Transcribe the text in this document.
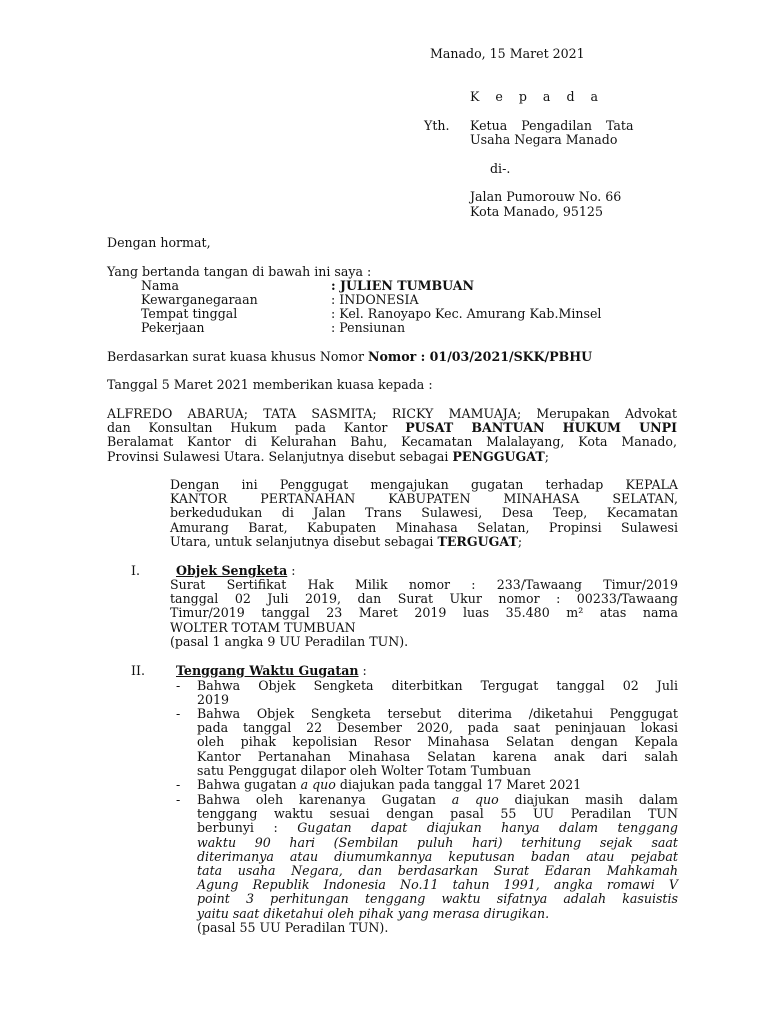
Manado, 15 Maret 2021
K e p a d a
Yth. Ketua Pengadilan Tata
Usaha Negara Manado
di-.
Jalan Pumorouw No. 66
Kota Manado, 95125
Dengan hormat,
Yang bertanda tangan di bawah ini saya :
Nama	: JULIEN TUMBUAN
Kewarganegaraan	: INDONESIA
Tempat tinggal	: Kel. Ranoyapo Kec. Amurang Kab.Minsel
Pekerjaan	: Pensiunan
Berdasarkan surat kuasa khusus Nomor Nomor : 01/03/2021/SKK/PBHU
Tanggal 5 Maret 2021 memberikan kuasa kepada :
ALFREDO ABARUA; TATA SASMITA; RICKY MAMUAJA; Merupakan Advokat
dan Konsultan Hukum pada Kantor PUSAT BANTUAN HUKUM UNPI
Beralamat Kantor di Kelurahan Bahu, Kecamatan Malalayang, Kota Manado,
Provinsi Sulawesi Utara. Selanjutnya disebut sebagai PENGGUGAT;
Dengan ini Penggugat mengajukan gugatan terhadap KEPALA
KANTOR PERTANAHAN KABUPATEN MINAHASA SELATAN,
berkedudukan di Jalan Trans Sulawesi, Desa Teep, Kecamatan
Amurang Barat, Kabupaten Minahasa Selatan, Propinsi Sulawesi
Utara, untuk selanjutnya disebut sebagai TERGUGAT;
I.	Objek Sengketa :
Surat Sertifikat Hak Milik nomor : 233/Tawaang Timur/2019
tanggal 02 Juli 2019, dan Surat Ukur nomor : 00233/Tawaang
Timur/2019 tanggal 23 Maret 2019 luas 35.480 m² atas nama
WOLTER TOTAM TUMBUAN
(pasal 1 angka 9 UU Peradilan TUN).
II. Tenggang Waktu Gugatan :
- Bahwa Objek Sengketa diterbitkan Tergugat tanggal 02 Juli
2019
- Bahwa Objek Sengketa tersebut diterima /diketahui Penggugat
pada tanggal 22 Desember 2020, pada saat peninjauan lokasi
oleh pihak kepolisian Resor Minahasa Selatan dengan Kepala
Kantor Pertanahan Minahasa Selatan karena anak dari salah
satu Penggugat dilapor oleh Wolter Totam Tumbuan
- Bahwa gugatan a quo diajukan pada tanggal 17 Maret 2021
- Bahwa oleh karenanya Gugatan a quo diajukan masih dalam
tenggang waktu sesuai dengan pasal 55 UU Peradilan TUN
berbunyi : Gugatan dapat diajukan hanya dalam tenggang
waktu 90 hari (Sembilan puluh hari) terhitung sejak saat
diterimanya atau diumumkannya keputusan badan atau pejabat
tata usaha Negara, dan berdasarkan Surat Edaran Mahkamah
Agung Republik Indonesia No.11 tahun 1991, angka romawi V
point 3 perhitungan tenggang waktu sifatnya adalah kasuistis
yaitu saat diketahui oleh pihak yang merasa dirugikan.
(pasal 55 UU Peradilan TUN).
